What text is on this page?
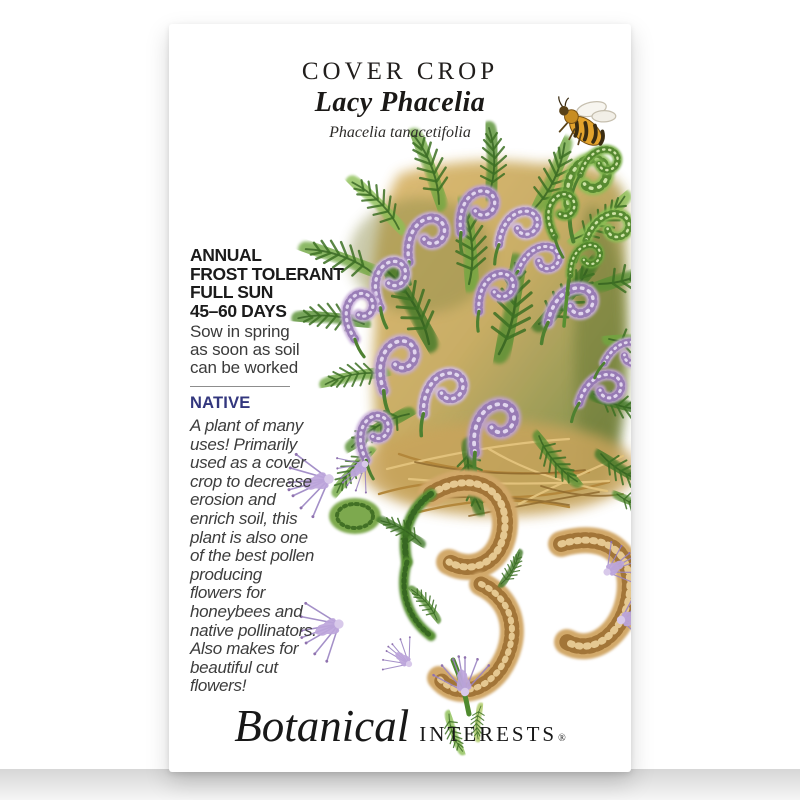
COVER CROP
Lacy Phacelia
Phacelia tanacetifolia
ANNUAL
FROST TOLERANT
FULL SUN
45–60 DAYS
Sow in spring
as soon as soil
can be worked
NATIVE
A plant of many
uses! Primarily
used as a cover
crop to decrease
erosion and
enrich soil, this
plant is also one
of the best pollen
producing
flowers for
honeybees and
native pollinators.
Also makes for
beautiful cut
flowers!
Botanical INTERESTS ®
